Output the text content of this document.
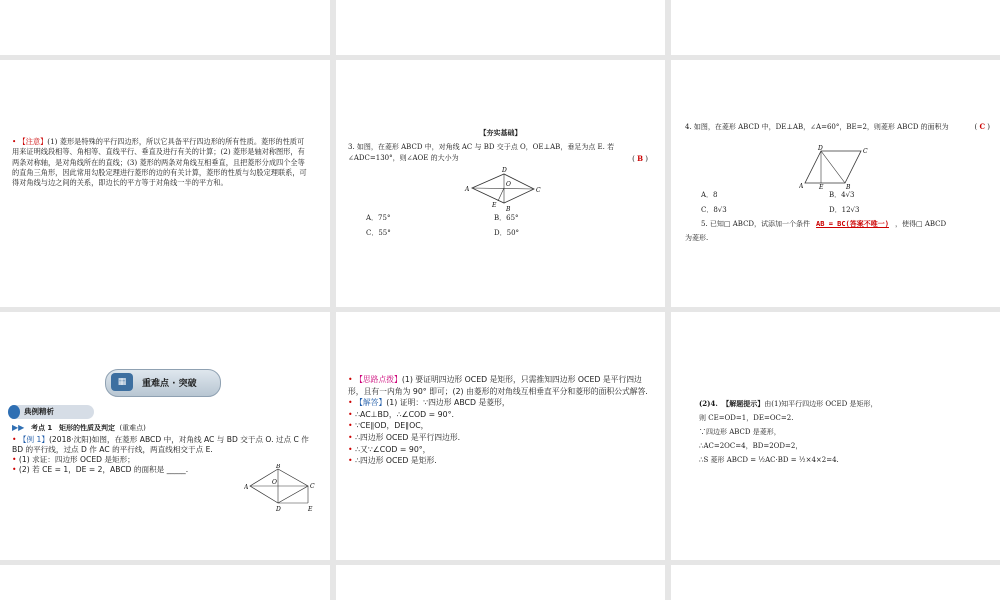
• 【注意】(1) 菱形是特殊的平行四边形，所以它具备平行四边形的所有性质。菱形的性质可用来证明线段相等、角相等、直线平行、垂直及进行有关的计算；(2) 菱形是轴对称图形，有两条对称轴，是对角线所在的直线；(3) 菱形的两条对角线互相垂直，且把菱形分成四个全等的直角三角形，因此常用勾股定理进行菱形的边的有关计算，菱形的性质与勾股定理联系，可得对角线与边之间的关系，即边长的平方等于对角线一半的平方和。
【夯实基础】
3. 如图，在菱形 ABCD 中，对角线 AC 与 BD 交于点 O，OE⊥AB，垂足为点 E. 若∠ADC=130°，则∠AOE 的大小为	( B )
A
D
C
B
O
E
A．75°	B．65°
C．55°	D．50°
4. 如图，在菱形 ABCD 中，DE⊥AB，∠A=60°，BE=2，则菱形 ABCD 的面积为	( C )
A
D	C
B
E
A．8	B．4√3
C．8√3	D．12√3
5. 已知□ ABCD，试添加一个条件 AB = BC(答案不唯一) ，使得□ ABCD
为菱形.
▦	重难点 · 突破
典例精析
▶▶ 考点 1 矩形的性质及判定 (重难点)
• 【例 1】(2018·沈阳)如图，在菱形 ABCD 中，对角线 AC 与 BD 交于点 O. 过点 C 作 BD 的平行线，过点 D 作 AC 的平行线，两直线相交于点 E.
• (1) 求证：四边形 OCED 是矩形；
• (2) 若 CE = 1，DE = 2，ABCD 的面积是 _____.
A
B
C
D
O
E
• 【思路点拨】(1) 要证明四边形 OCED 是矩形，只需推知四边形 OCED 是平行四边形，且有一内角为 90° 即可；(2) 由菱形的对角线互相垂直平分和菱形的面积公式解答.
• 【解答】(1) 证明：∵四边形 ABCD 是菱形，
• ∴AC⊥BD，∴∠COD = 90°.
• ∵CE∥OD，DE∥OC，
• ∴四边形 OCED 是平行四边形.
• ∴又∵∠COD = 90°，
• ∴四边形 OCED 是矩形.
(2)4. 【解题提示】由(1)知平行四边形 OCED 是矩形，
则 CE=OD=1，DE=OC=2.
∵四边形 ABCD 是菱形，
∴AC=2OC=4，BD=2OD=2，
∴S 菱形 ABCD = ½AC·BD = ½×4×2=4.
